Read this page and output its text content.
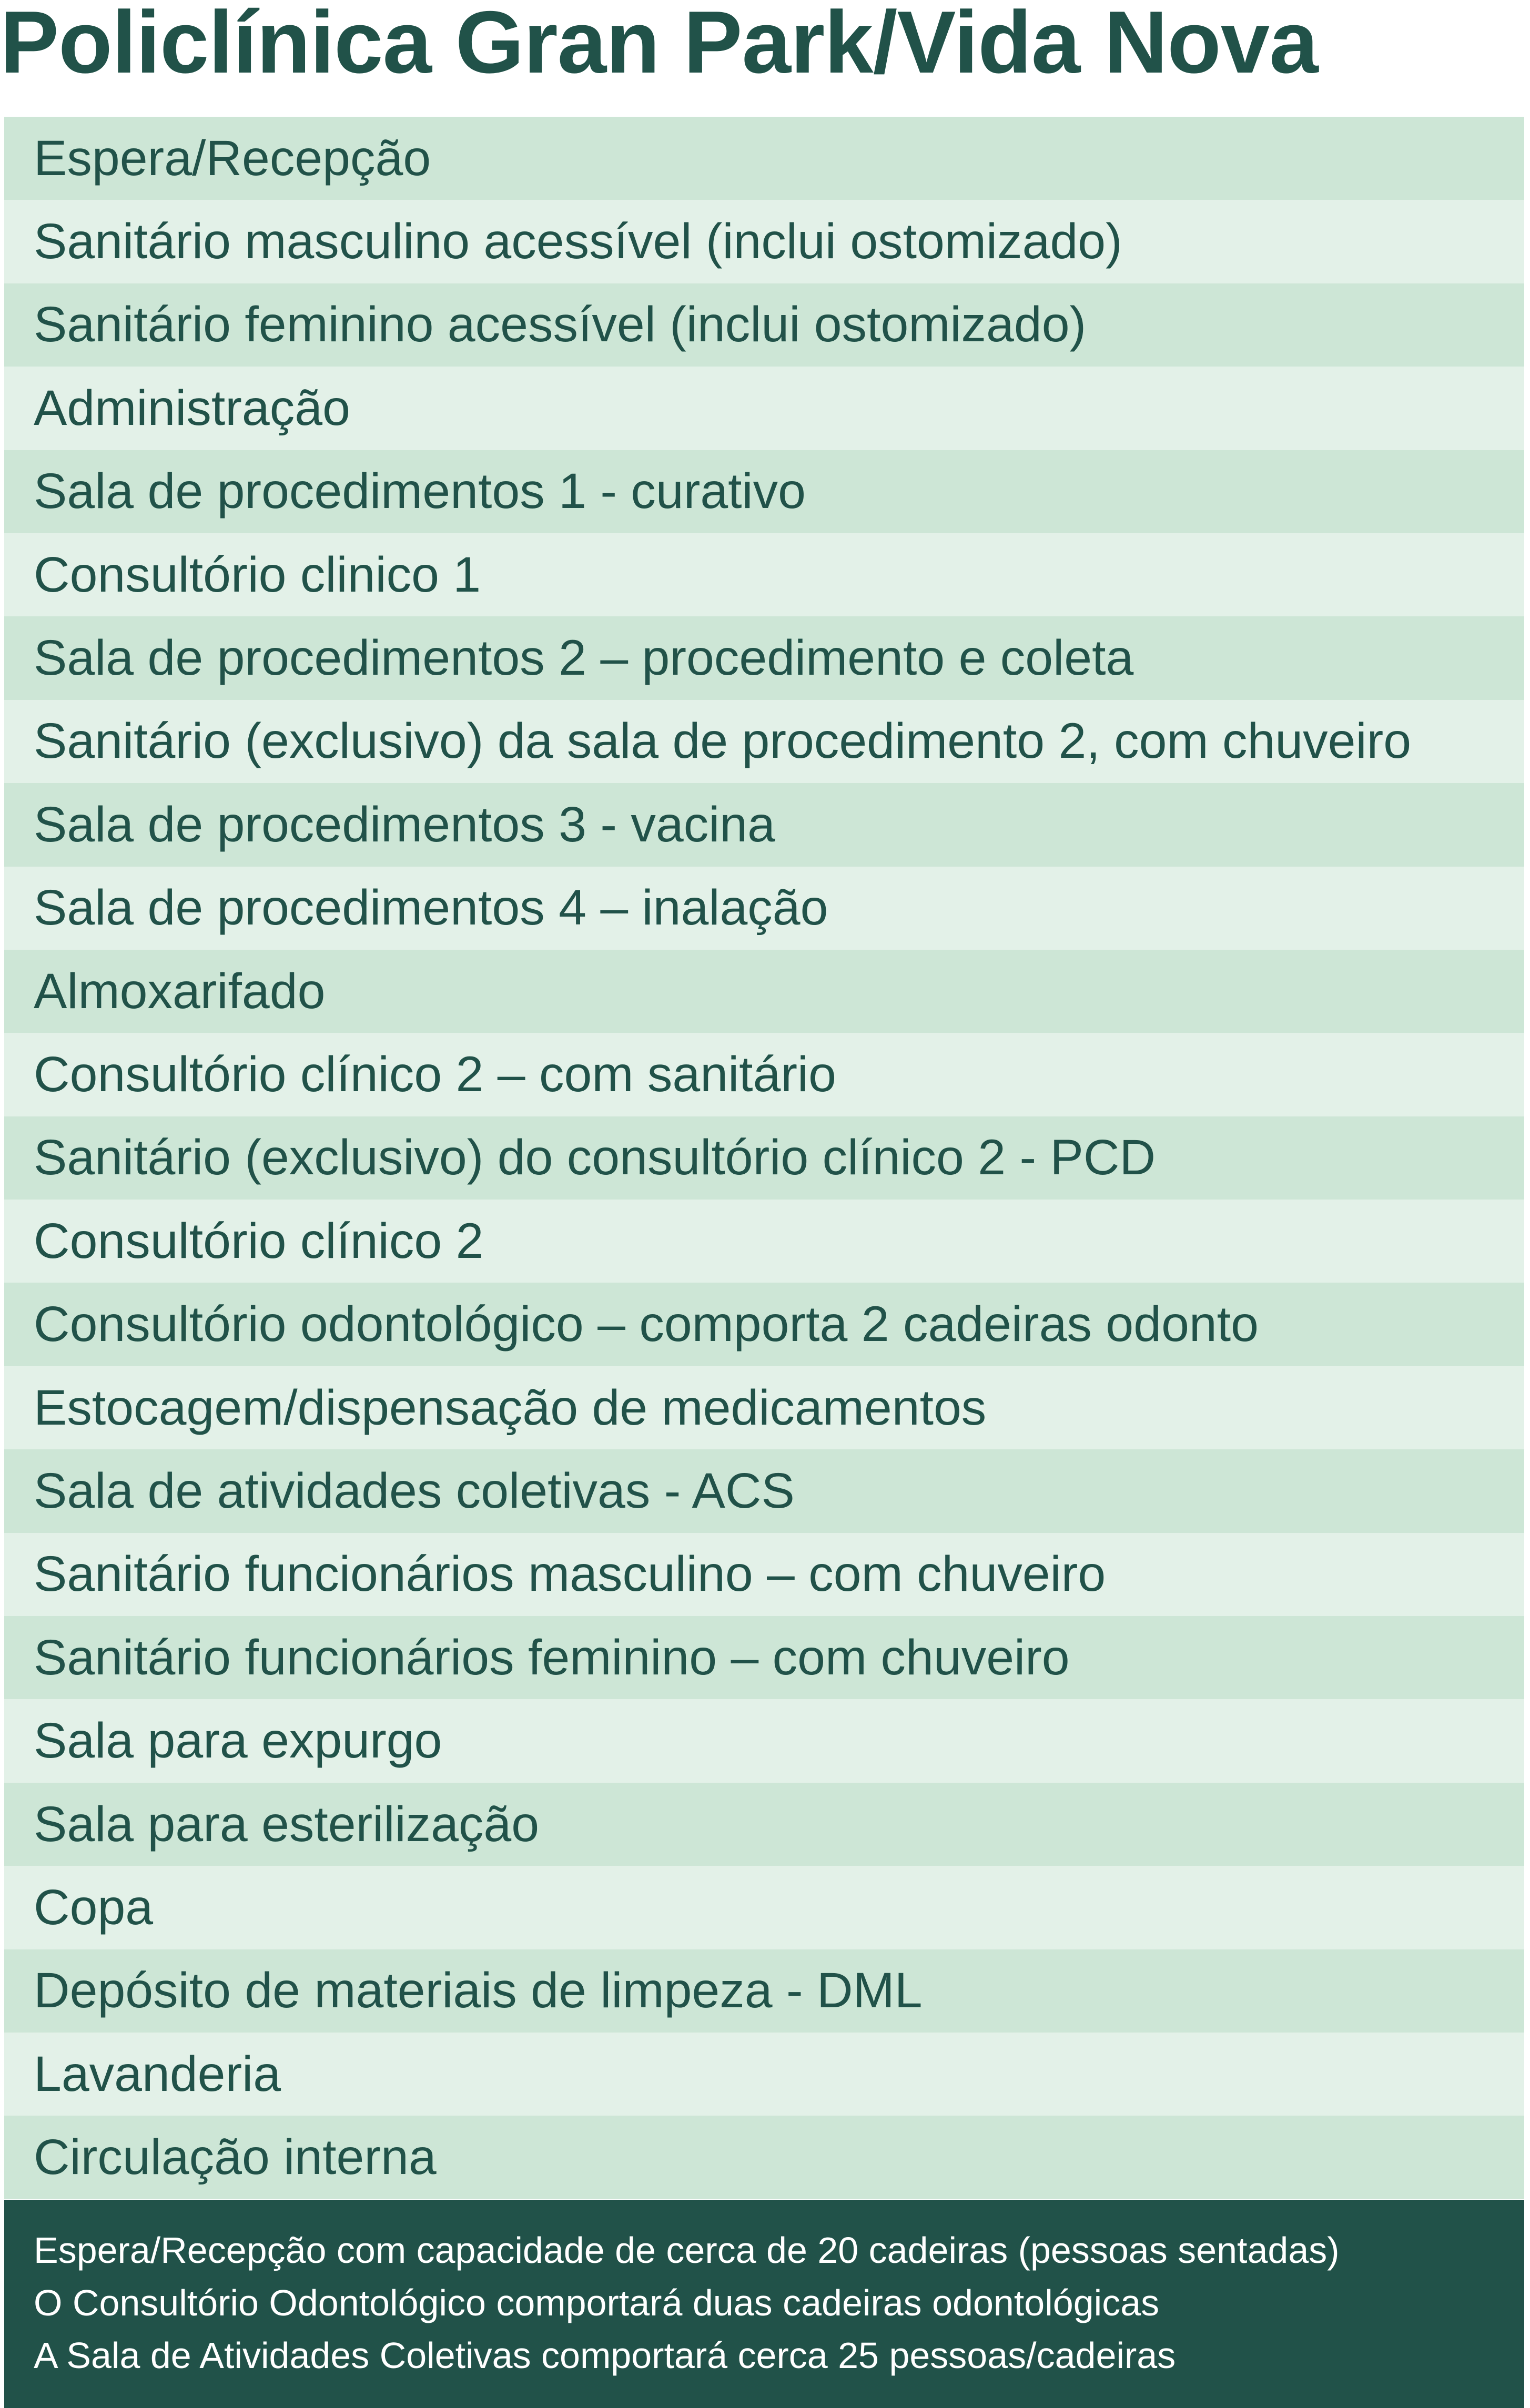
Policlínica Gran Park/Vida Nova
Espera/Recepção
Sanitário masculino acessível (inclui ostomizado)
Sanitário feminino acessível (inclui ostomizado)
Administração
Sala de procedimentos 1 - curativo
Consultório clinico 1
Sala de procedimentos 2 – procedimento e coleta
Sanitário (exclusivo) da sala de procedimento 2, com chuveiro
Sala de procedimentos 3 - vacina
Sala de procedimentos 4 – inalação
Almoxarifado
Consultório clínico 2 – com sanitário
Sanitário (exclusivo) do consultório clínico 2 - PCD
Consultório clínico 2
Consultório odontológico – comporta 2 cadeiras odonto
Estocagem/dispensação de medicamentos
Sala de atividades coletivas - ACS
Sanitário funcionários masculino – com chuveiro
Sanitário funcionários feminino – com chuveiro
Sala para expurgo
Sala para esterilização
Copa
Depósito de materiais de limpeza - DML
Lavanderia
Circulação interna
Espera/Recepção com capacidade de cerca de 20 cadeiras (pessoas sentadas)
O Consultório Odontológico comportará duas cadeiras odontológicas
A Sala de Atividades Coletivas comportará cerca 25 pessoas/cadeiras
